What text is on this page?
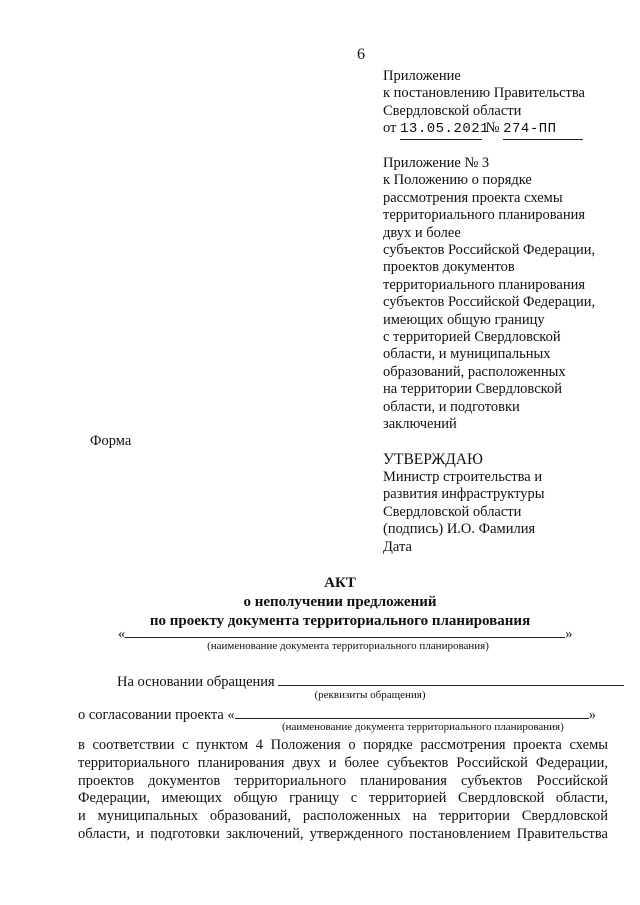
6
Приложение
к постановлению Правительства
Свердловской области
от 13.05.2021 № 274-ПП
Приложение № 3
к Положению о порядке
рассмотрения проекта схемы
территориального планирования
двух и более
субъектов Российской Федерации,
проектов документов
территориального планирования
субъектов Российской Федерации,
имеющих общую границу
с территорией Свердловской
области, и муниципальных
образований, расположенных
на территории Свердловской
области, и подготовки
заключений
Форма
УТВЕРЖДАЮ
Министр строительства и
развития инфраструктуры
Свердловской области
(подпись) И.О. Фамилия
Дата
АКТ
о неполучении предложений
по проекту документа территориального планирования
«	»
(наименование документа территориального планирования)
На основании обращения
(реквизиты обращения)
о согласовании проекта «	»
(наименование документа территориального планирования)
в соответствии с пунктом 4 Положения о порядке рассмотрения проекта схемы
территориального планирования двух и более субъектов Российской Федерации,
проектов документов территориального планирования субъектов Российской
Федерации, имеющих общую границу с территорией Свердловской области,
и муниципальных образований, расположенных на территории Свердловской
области, и подготовки заключений, утвержденного постановлением Правительства
